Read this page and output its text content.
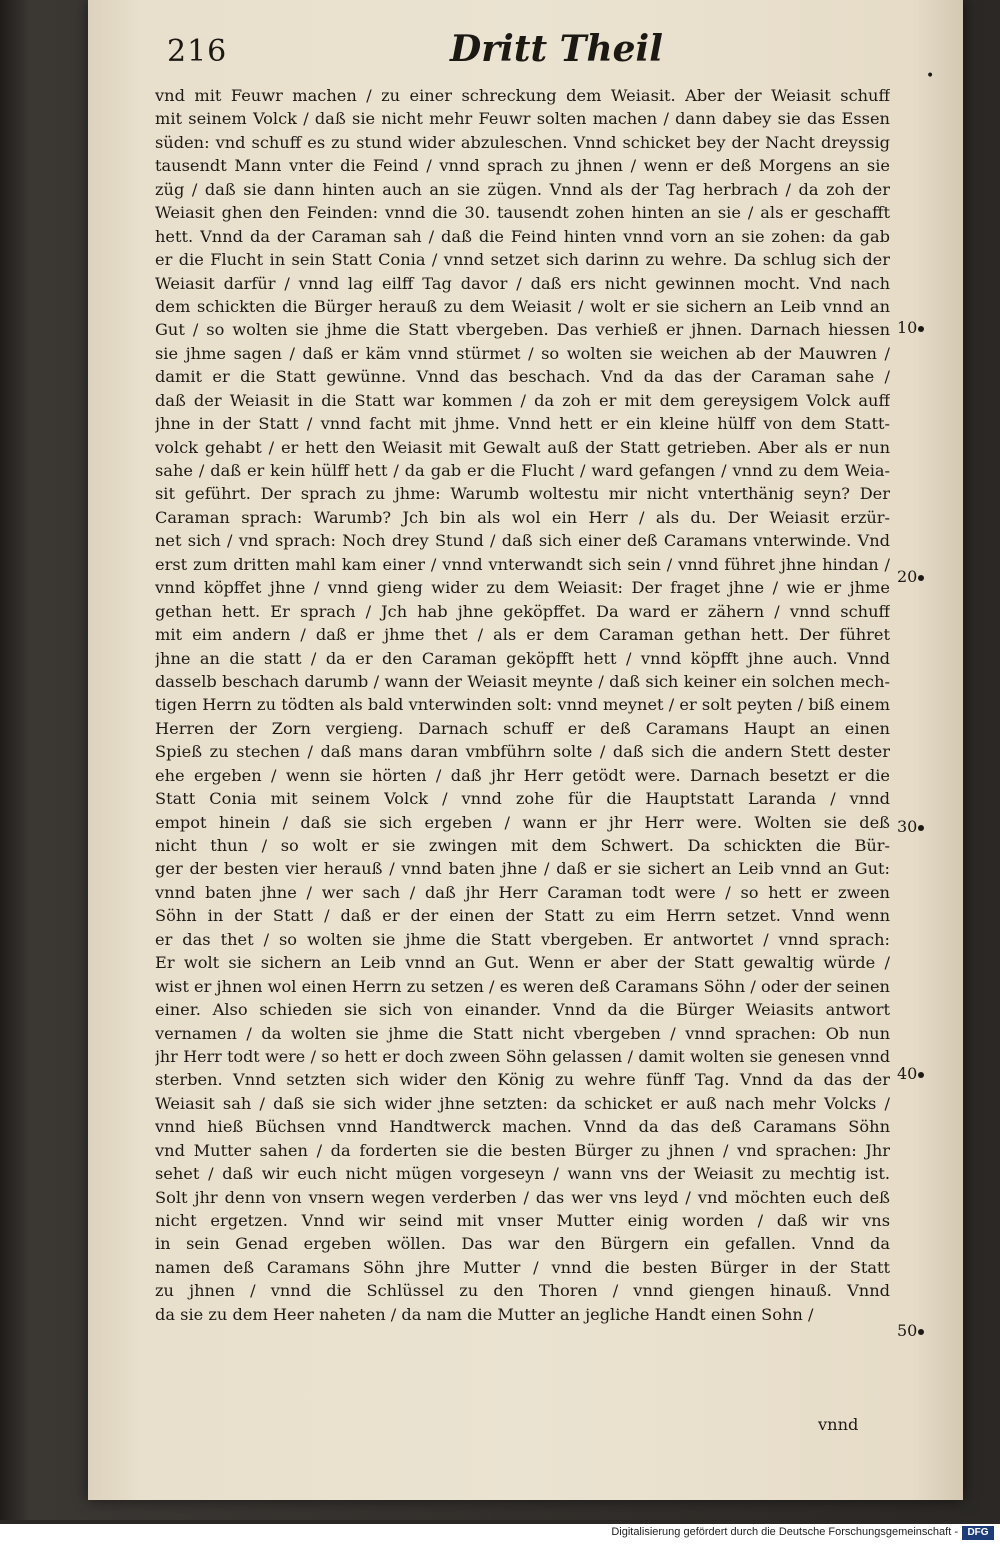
216	Dritt Theil
•
vnd mit Feuwr machen / zu einer schreckung dem Weiasit. Aber der Weiasit schuff
mit seinem Volck / daß sie nicht mehr Feuwr solten machen / dann dabey sie das Essen
süden: vnd schuff es zu stund wider abzuleschen. Vnnd schicket bey der Nacht dreyssig
tausendt Mann vnter die Feind / vnnd sprach zu jhnen / wenn er deß Morgens an sie
züg / daß sie dann hinten auch an sie zügen. Vnnd als der Tag herbrach / da zoh der
Weiasit ghen den Feinden: vnnd die 30. tausendt zohen hinten an sie / als er geschafft
hett. Vnnd da der Caraman sah / daß die Feind hinten vnnd vorn an sie zohen: da gab
er die Flucht in sein Statt Conia / vnnd setzet sich darinn zu wehre. Da schlug sich der
Weiasit darfür / vnnd lag eilff Tag davor / daß ers nicht gewinnen mocht. Vnd nach
dem schickten die Bürger herauß zu dem Weiasit / wolt er sie sichern an Leib vnnd an
Gut / so wolten sie jhme die Statt vbergeben. Das verhieß er jhnen. Darnach hiessen
sie jhme sagen / daß er käm vnnd stürmet / so wolten sie weichen ab der Mauwren /
damit er die Statt gewünne. Vnnd das beschach. Vnd da das der Caraman sahe /
daß der Weiasit in die Statt war kommen / da zoh er mit dem gereysigem Volck auff
jhne in der Statt / vnnd facht mit jhme. Vnnd hett er ein kleine hülff von dem Statt-
volck gehabt / er hett den Weiasit mit Gewalt auß der Statt getrieben. Aber als er nun
sahe / daß er kein hülff hett / da gab er die Flucht / ward gefangen / vnnd zu dem Weia-
sit geführt. Der sprach zu jhme: Warumb woltestu mir nicht vnterthänig seyn? Der
Caraman sprach: Warumb? Jch bin als wol ein Herr / als du. Der Weiasit erzür-
net sich / vnd sprach: Noch drey Stund / daß sich einer deß Caramans vnterwinde. Vnd
erst zum dritten mahl kam einer / vnnd vnterwandt sich sein / vnnd führet jhne hindan /
vnnd köpffet jhne / vnnd gieng wider zu dem Weiasit: Der fraget jhne / wie er jhme
gethan hett. Er sprach / Jch hab jhne geköpffet. Da ward er zähern / vnnd schuff
mit eim andern / daß er jhme thet / als er dem Caraman gethan hett. Der führet
jhne an die statt / da er den Caraman geköpfft hett / vnnd köpfft jhne auch. Vnnd
dasselb beschach darumb / wann der Weiasit meynte / daß sich keiner ein solchen mech-
tigen Herrn zu tödten als bald vnterwinden solt: vnnd meynet / er solt peyten / biß einem
Herren der Zorn vergieng. Darnach schuff er deß Caramans Haupt an einen
Spieß zu stechen / daß mans daran vmbführn solte / daß sich die andern Stett dester
ehe ergeben / wenn sie hörten / daß jhr Herr getödt were. Darnach besetzt er die
Statt Conia mit seinem Volck / vnnd zohe für die Hauptstatt Laranda / vnnd
empot hinein / daß sie sich ergeben / wann er jhr Herr were. Wolten sie deß
nicht thun / so wolt er sie zwingen mit dem Schwert. Da schickten die Bür-
ger der besten vier herauß / vnnd baten jhne / daß er sie sichert an Leib vnnd an Gut:
vnnd baten jhne / wer sach / daß jhr Herr Caraman todt were / so hett er zween
Söhn in der Statt / daß er der einen der Statt zu eim Herrn setzet. Vnnd wenn
er das thet / so wolten sie jhme die Statt vbergeben. Er antwortet / vnnd sprach:
Er wolt sie sichern an Leib vnnd an Gut. Wenn er aber der Statt gewaltig würde /
wist er jhnen wol einen Herrn zu setzen / es weren deß Caramans Söhn / oder der seinen
einer. Also schieden sie sich von einander. Vnnd da die Bürger Weiasits antwort
vernamen / da wolten sie jhme die Statt nicht vbergeben / vnnd sprachen: Ob nun
jhr Herr todt were / so hett er doch zween Söhn gelassen / damit wolten sie genesen vnnd
sterben. Vnnd setzten sich wider den König zu wehre fünff Tag. Vnnd da das der
Weiasit sah / daß sie sich wider jhne setzten: da schicket er auß nach mehr Volcks /
vnnd hieß Büchsen vnnd Handtwerck machen. Vnnd da das deß Caramans Söhn
vnd Mutter sahen / da forderten sie die besten Bürger zu jhnen / vnd sprachen: Jhr
sehet / daß wir euch nicht mügen vorgeseyn / wann vns der Weiasit zu mechtig ist.
Solt jhr denn von vnsern wegen verderben / das wer vns leyd / vnd möchten euch deß
nicht ergetzen. Vnnd wir seind mit vnser Mutter einig worden / daß wir vns
in sein Genad ergeben wöllen. Das war den Bürgern ein gefallen. Vnnd da
namen deß Caramans Söhn jhre Mutter / vnnd die besten Bürger in der Statt
zu jhnen / vnnd die Schlüssel zu den Thoren / vnnd giengen hinauß. Vnnd
da sie zu dem Heer naheten / da nam die Mutter an jegliche Handt einen Sohn /
10
20
30
40
50
vnnd
Digitalisierung gefördert durch die Deutsche Forschungsgemeinschaft - DFG
